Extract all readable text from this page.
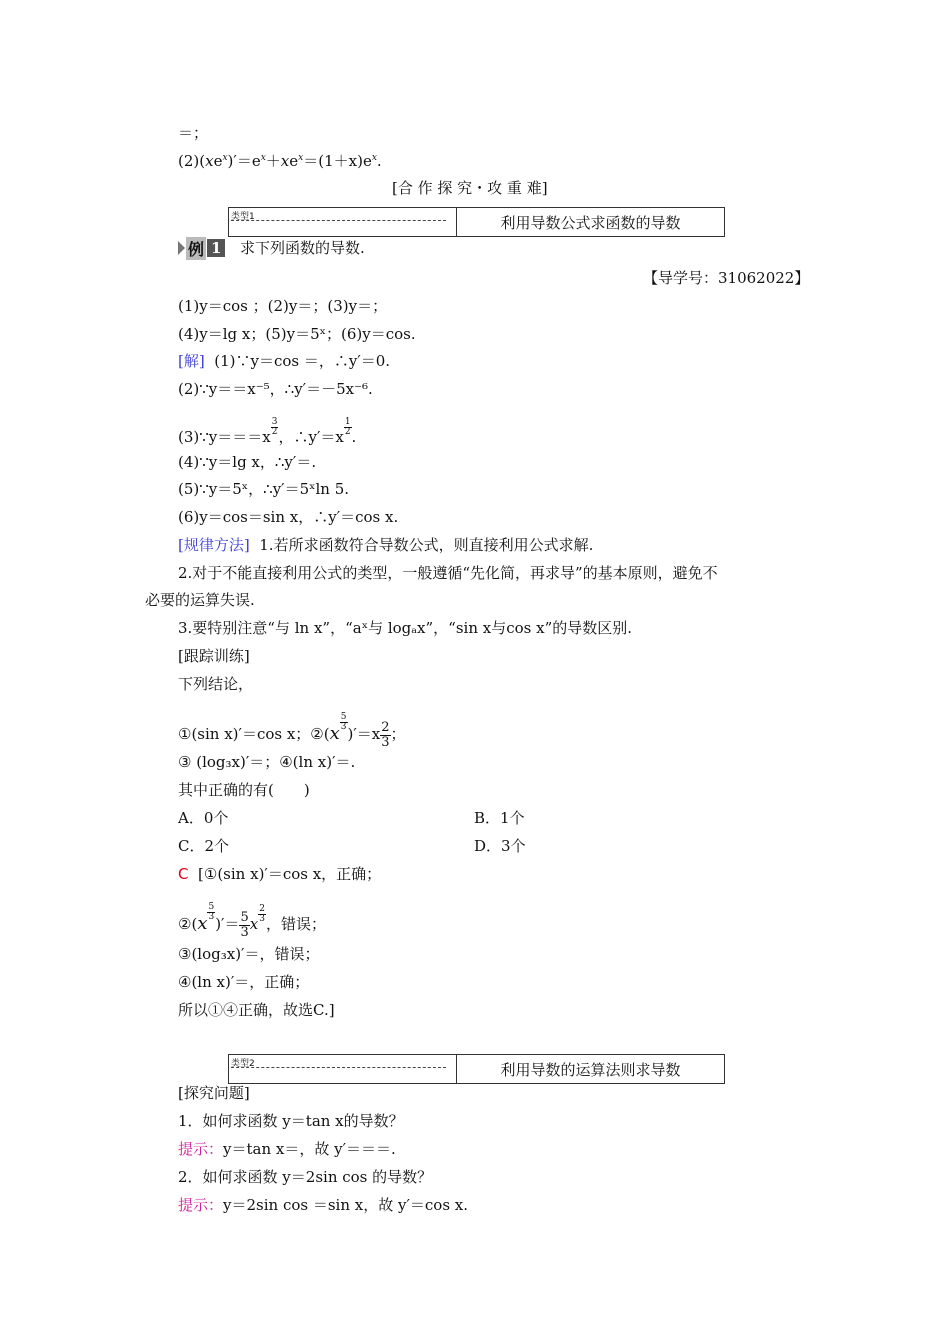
＝；
$(2)(xe^x)'=e^x+xe^x=(1+x)e^x$.
[合 作 探 究・攻 重 难]
类型1	利用导数公式求函数的导数
例 1 求下列函数的导数.
【导学号：31062022】
(1)y＝cos ；(2)y＝；(3)y＝；
(4)y＝lg x；(5)y＝5ˣ；(6)y＝cos.
[解] (1)∵y＝cos ＝，∴y′＝0.
(2)∵y＝＝x⁻⁵，∴y′＝－5x⁻⁶.
(3)∵y＝＝＝x $\frac{3}{2}$ ，∴y′＝x $\frac{1}{2}$ .
(4)∵y＝lg x，∴y′＝.
(5)∵y＝5ˣ，∴y′＝5ˣln 5.
(6)y＝cos＝sin x，∴y′＝cos x.
[规律方法] 1.若所求函数符合导数公式，则直接利用公式求解.
2.对于不能直接利用公式的类型，一般遵循“先化简，再求导”的基本原则，避免不
必要的运算失误.
3.要特别注意“与 ln x”，“aˣ与 logₐx”，“sin x与cos x”的导数区别.
[跟踪训练]
下列结论，
①(sin x)′＝cos x；②(x
$\frac{5}{3}$
)$'=x \frac{2}{3}$ ；
③ (log₃x)′＝；④(ln x)′＝.
其中正确的有(　　)
A．0个	B．1个
C．2个	D．3个
C [①(sin x)′＝cos x，正确；
②(x
$\frac{5}{3}$
)′＝ $\frac{5}{3}$ x $\frac{2}{3}$ ，错误；
③(log₃x)′＝，错误；
④(ln x)′＝，正确；
所以①④正确，故选C.]
类型2	利用导数的运算法则求导数
[探究问题]
1．如何求函数 y＝tan x的导数？
提示：y＝tan x＝，故 y′＝＝＝.
2．如何求函数 y＝2sin cos 的导数？
提示：y＝2sin cos ＝sin x，故 y′＝cos x.
